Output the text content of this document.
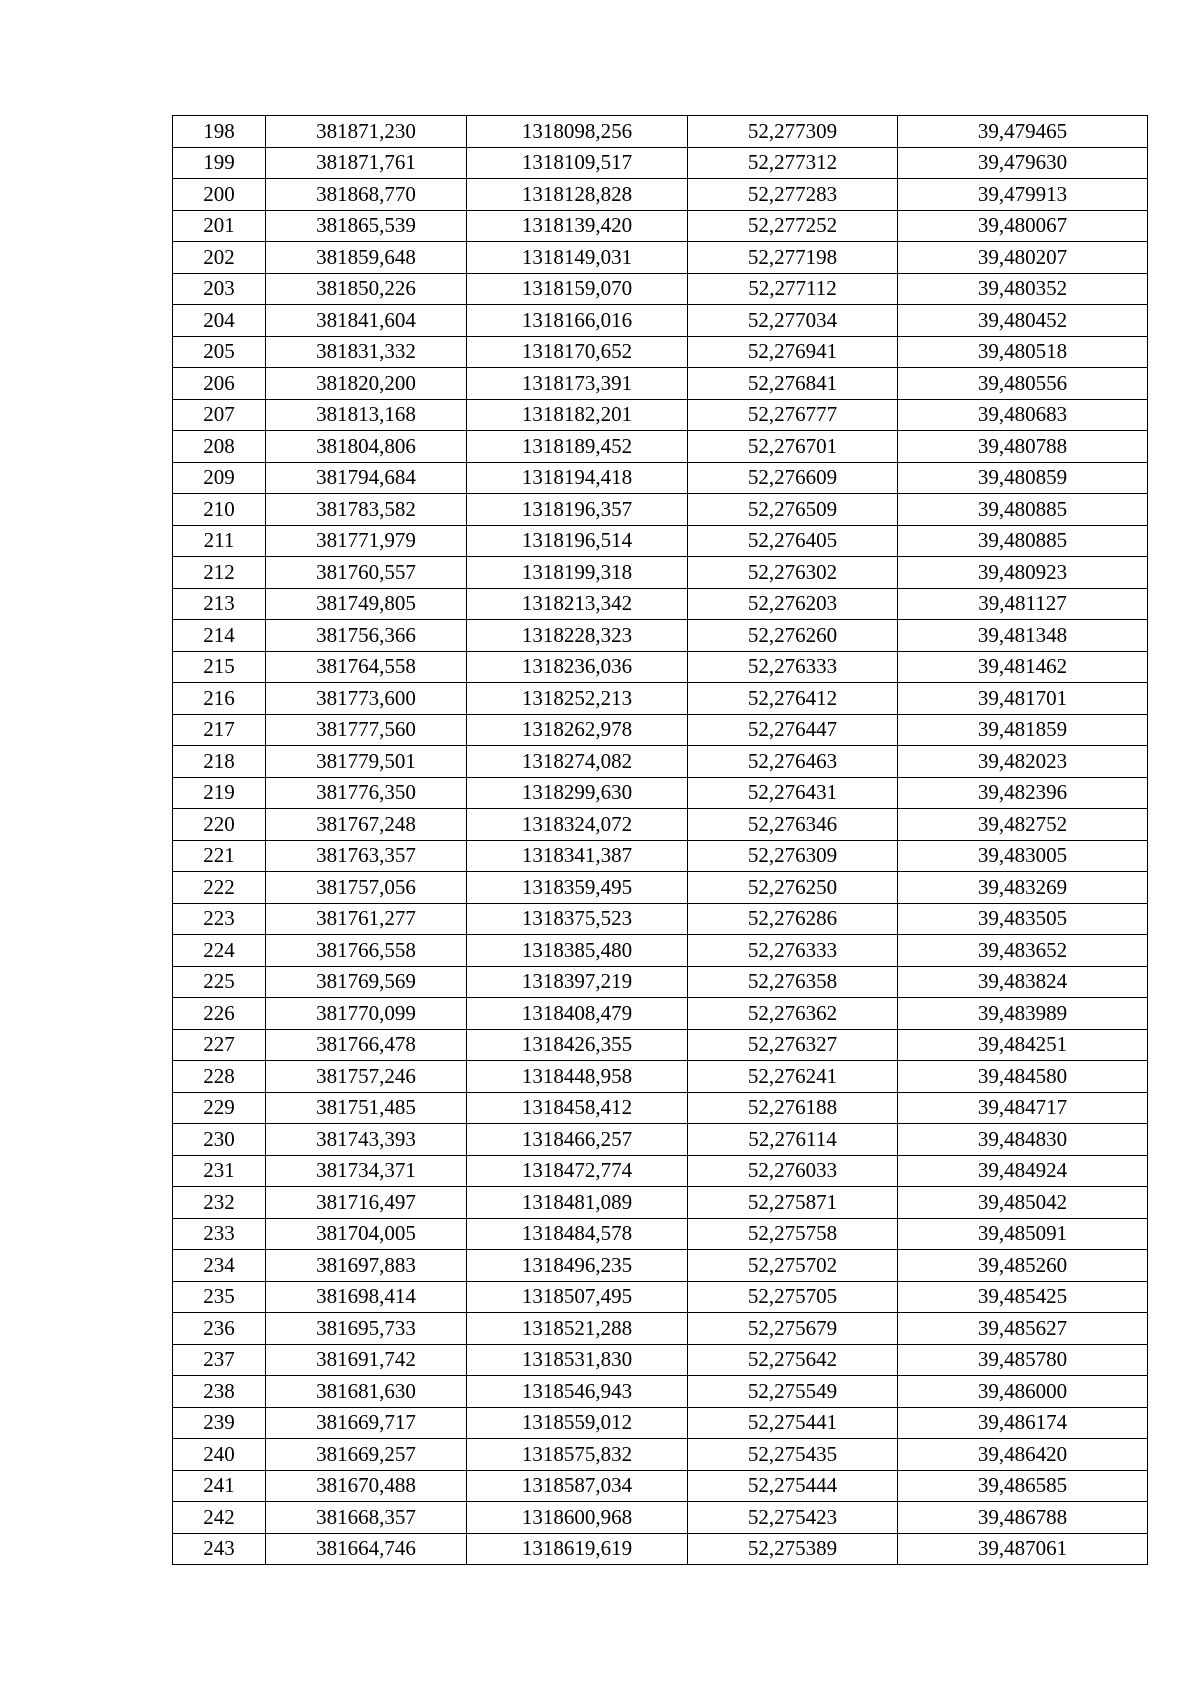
198	381871,230	1318098,256	52,277309	39,479465
199	381871,761	1318109,517	52,277312	39,479630
200	381868,770	1318128,828	52,277283	39,479913
201	381865,539	1318139,420	52,277252	39,480067
202	381859,648	1318149,031	52,277198	39,480207
203	381850,226	1318159,070	52,277112	39,480352
204	381841,604	1318166,016	52,277034	39,480452
205	381831,332	1318170,652	52,276941	39,480518
206	381820,200	1318173,391	52,276841	39,480556
207	381813,168	1318182,201	52,276777	39,480683
208	381804,806	1318189,452	52,276701	39,480788
209	381794,684	1318194,418	52,276609	39,480859
210	381783,582	1318196,357	52,276509	39,480885
211	381771,979	1318196,514	52,276405	39,480885
212	381760,557	1318199,318	52,276302	39,480923
213	381749,805	1318213,342	52,276203	39,481127
214	381756,366	1318228,323	52,276260	39,481348
215	381764,558	1318236,036	52,276333	39,481462
216	381773,600	1318252,213	52,276412	39,481701
217	381777,560	1318262,978	52,276447	39,481859
218	381779,501	1318274,082	52,276463	39,482023
219	381776,350	1318299,630	52,276431	39,482396
220	381767,248	1318324,072	52,276346	39,482752
221	381763,357	1318341,387	52,276309	39,483005
222	381757,056	1318359,495	52,276250	39,483269
223	381761,277	1318375,523	52,276286	39,483505
224	381766,558	1318385,480	52,276333	39,483652
225	381769,569	1318397,219	52,276358	39,483824
226	381770,099	1318408,479	52,276362	39,483989
227	381766,478	1318426,355	52,276327	39,484251
228	381757,246	1318448,958	52,276241	39,484580
229	381751,485	1318458,412	52,276188	39,484717
230	381743,393	1318466,257	52,276114	39,484830
231	381734,371	1318472,774	52,276033	39,484924
232	381716,497	1318481,089	52,275871	39,485042
233	381704,005	1318484,578	52,275758	39,485091
234	381697,883	1318496,235	52,275702	39,485260
235	381698,414	1318507,495	52,275705	39,485425
236	381695,733	1318521,288	52,275679	39,485627
237	381691,742	1318531,830	52,275642	39,485780
238	381681,630	1318546,943	52,275549	39,486000
239	381669,717	1318559,012	52,275441	39,486174
240	381669,257	1318575,832	52,275435	39,486420
241	381670,488	1318587,034	52,275444	39,486585
242	381668,357	1318600,968	52,275423	39,486788
243	381664,746	1318619,619	52,275389	39,487061
